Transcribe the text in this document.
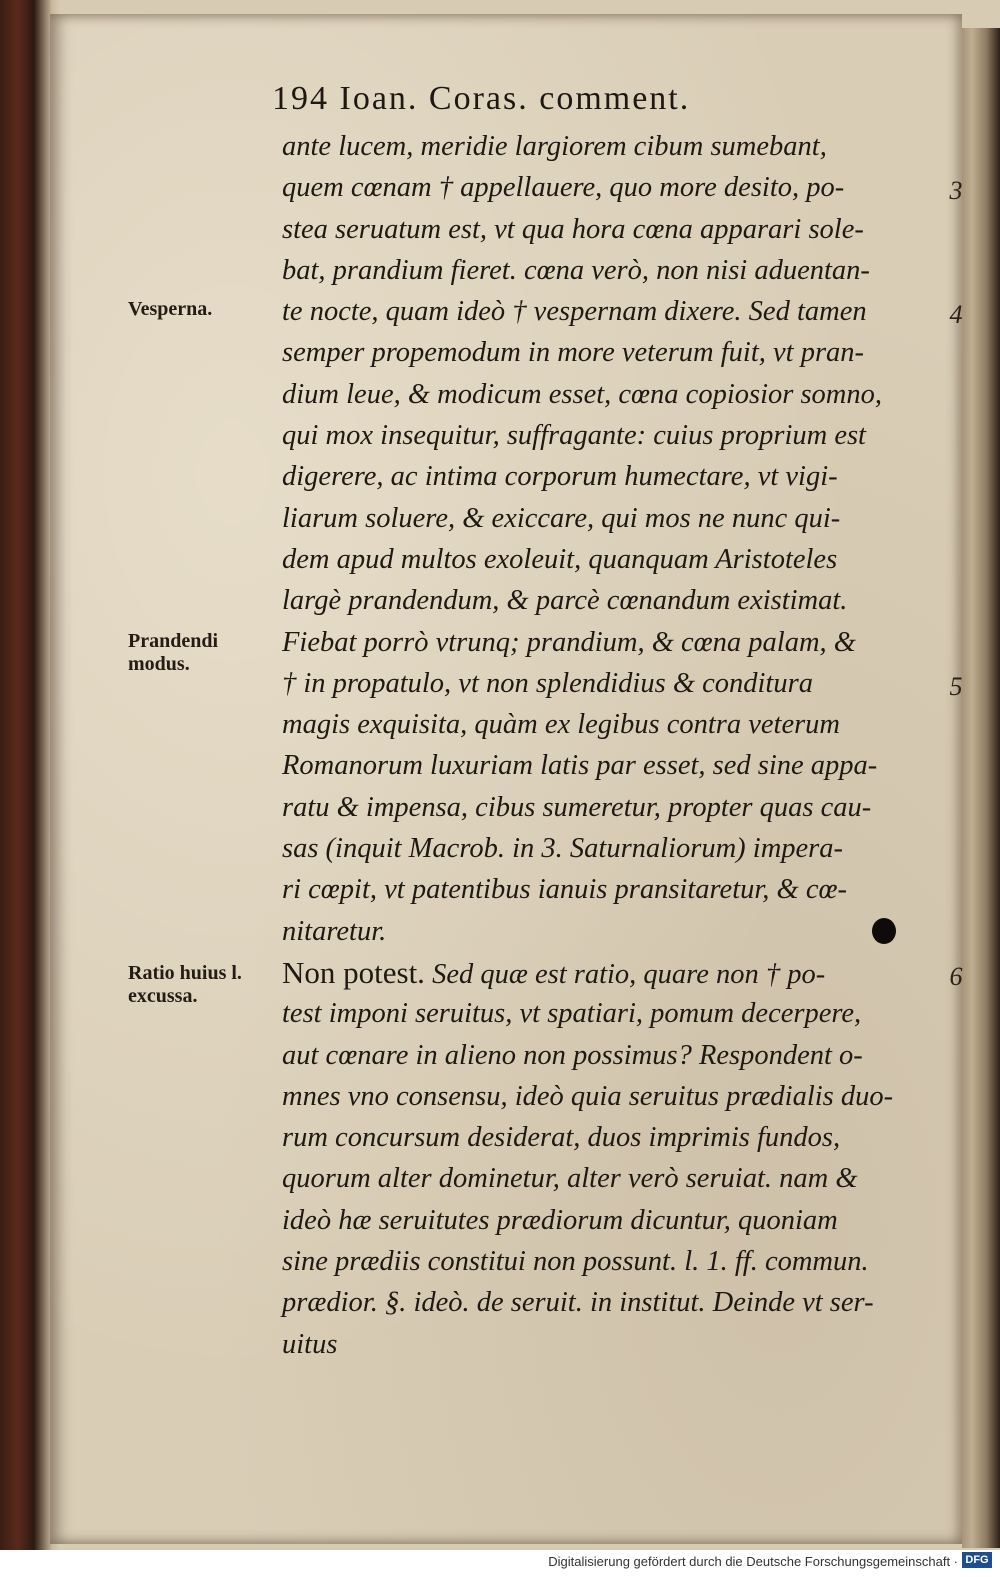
194 Ioan. Coras. comment.
ante lucem, meridie largiorem cibum sumebant,
quem cœnam † appellauere, quo more desito, po-
stea seruatum est, vt qua hora cœna apparari sole-
bat, prandium fieret. cœna verò, non nisi aduentan-
te nocte, quam ideò † vespernam dixere. Sed tamen
semper propemodum in more veterum fuit, vt pran-
dium leue, & modicum esset, cœna copiosior somno,
qui mox insequitur, suffragante: cuius proprium est
digerere, ac intima corporum humectare, vt vigi-
liarum soluere, & exiccare, qui mos ne nunc qui-
dem apud multos exoleuit, quanquam Aristoteles
largè prandendum, & parcè cœnandum existimat.
Fiebat porrò vtrunq; prandium, & cœna palam, &
† in propatulo, vt non splendidius & conditura
magis exquisita, quàm ex legibus contra veterum
Romanorum luxuriam latis par esset, sed sine appa-
ratu & impensa, cibus sumeretur, propter quas cau-
sas (inquit Macrob. in 3. Saturnaliorum) impera-
ri cœpit, vt patentibus ianuis pransitaretur, & cœ-
nitaretur.
Non potest. Sed quæ est ratio, quare non † po-
test imponi seruitus, vt spatiari, pomum decerpere,
aut cœnare in alieno non possimus? Respondent o-
mnes vno consensu, ideò quia seruitus prædialis duo-
rum concursum desiderat, duos imprimis fundos,
quorum alter dominetur, alter verò seruiat. nam &
ideò hæ seruitutes prædiorum dicuntur, quoniam
sine prædiis constitui non possunt. l. 1. ff. commun.
prædior. §. ideò. de seruit. in institut. Deinde vt ser-
uitus
Vesperna.
Prandendi modus.
Ratio huius l. excussa.
3
4
5
6
Digitalisierung gefördert durch die Deutsche Forschungsgemeinschaft · DFG
